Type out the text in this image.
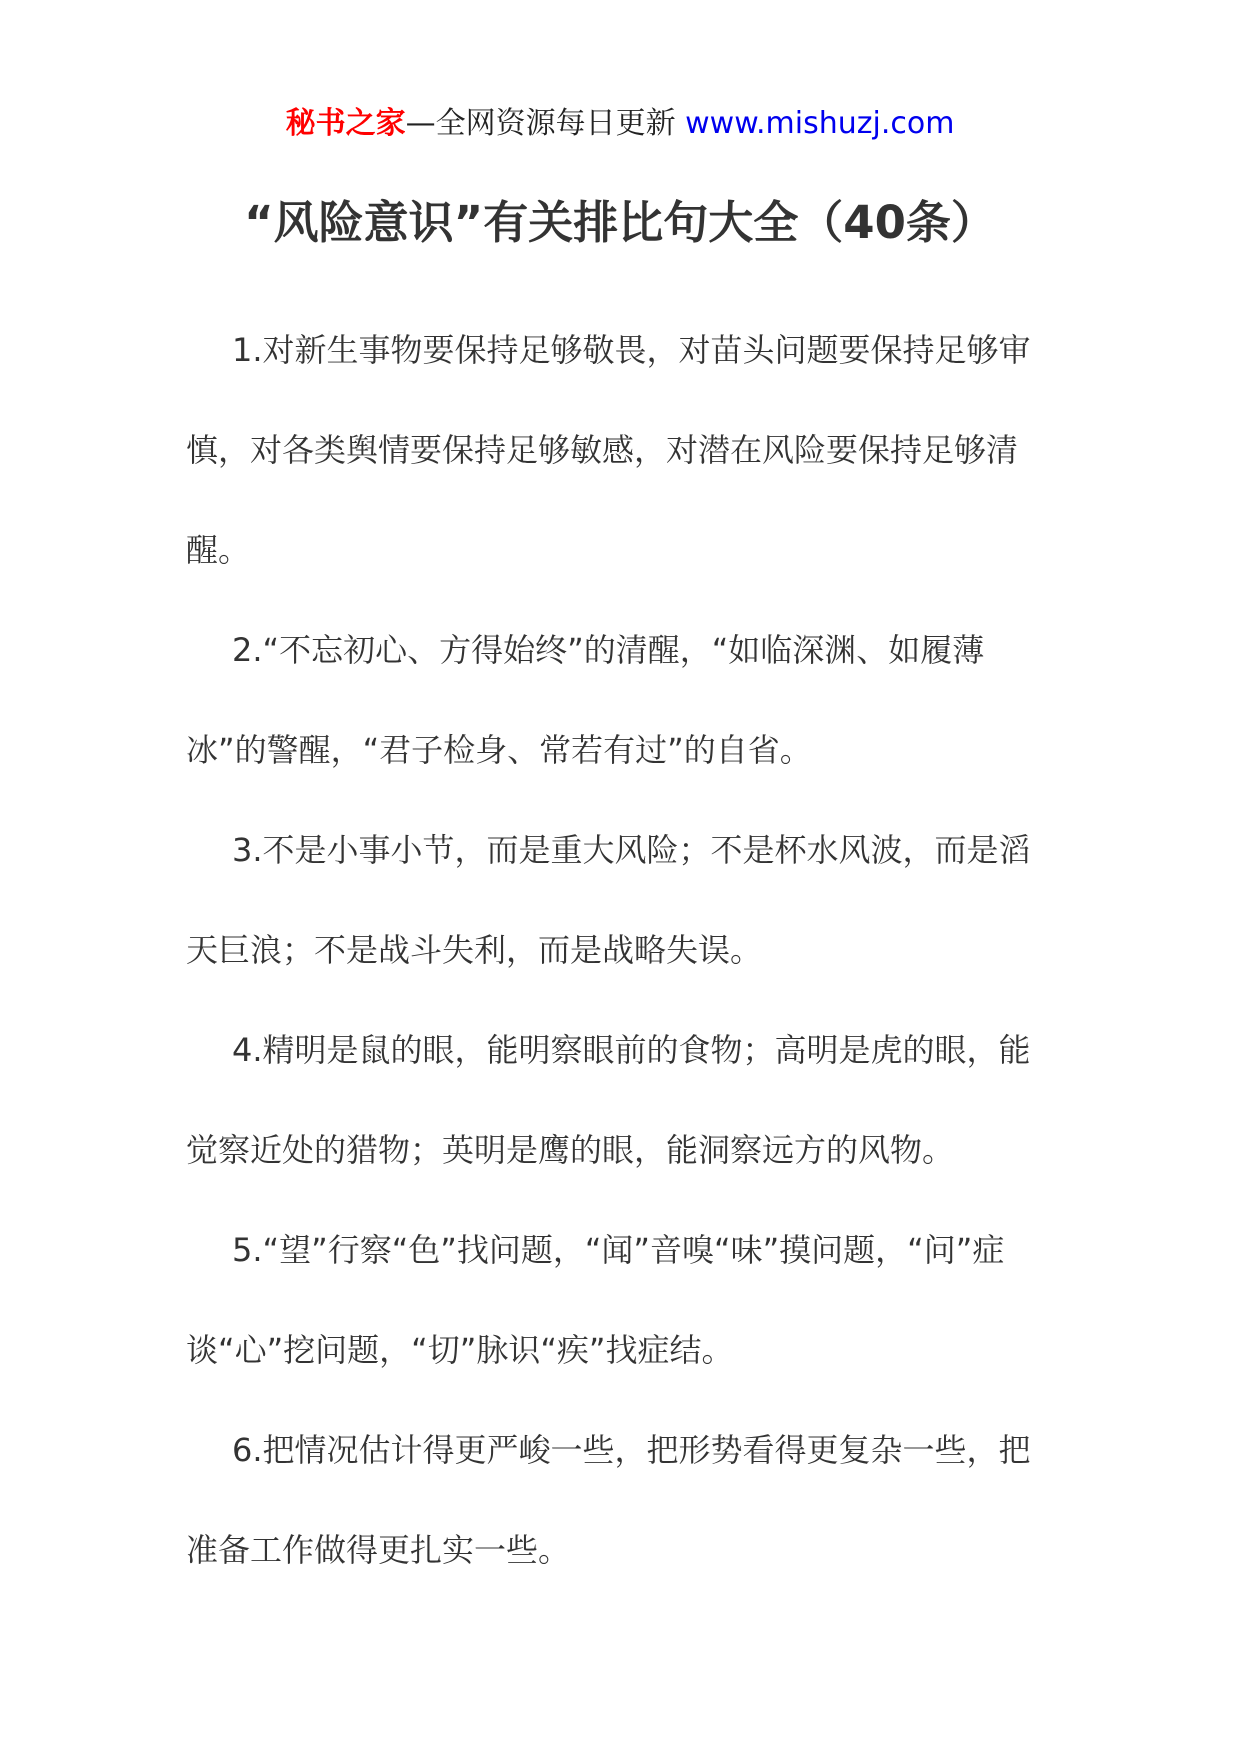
秘书之家—全网资源每日更新 www.mishuzj.com
“风险意识”有关排比句大全（40条）

1.对新生事物要保持足够敬畏，对苗头问题要保持足够审慎，对各类舆情要保持足够敏感，对潜在风险要保持足够清醒。

2.“不忘初心、方得始终”的清醒，“如临深渊、如履薄冰”的警醒，“君子检身、常若有过”的自省。

3.不是小事小节，而是重大风险；不是杯水风波，而是滔天巨浪；不是战斗失利，而是战略失误。

4.精明是鼠的眼，能明察眼前的食物；高明是虎的眼，能觉察近处的猎物；英明是鹰的眼，能洞察远方的风物。

5.“望”行察“色”找问题，“闻”音嗅“味”摸问题，“问”症谈“心”挖问题，“切”脉识“疾”找症结。

6.把情况估计得更严峻一些，把形势看得更复杂一些，把准备工作做得更扎实一些。
